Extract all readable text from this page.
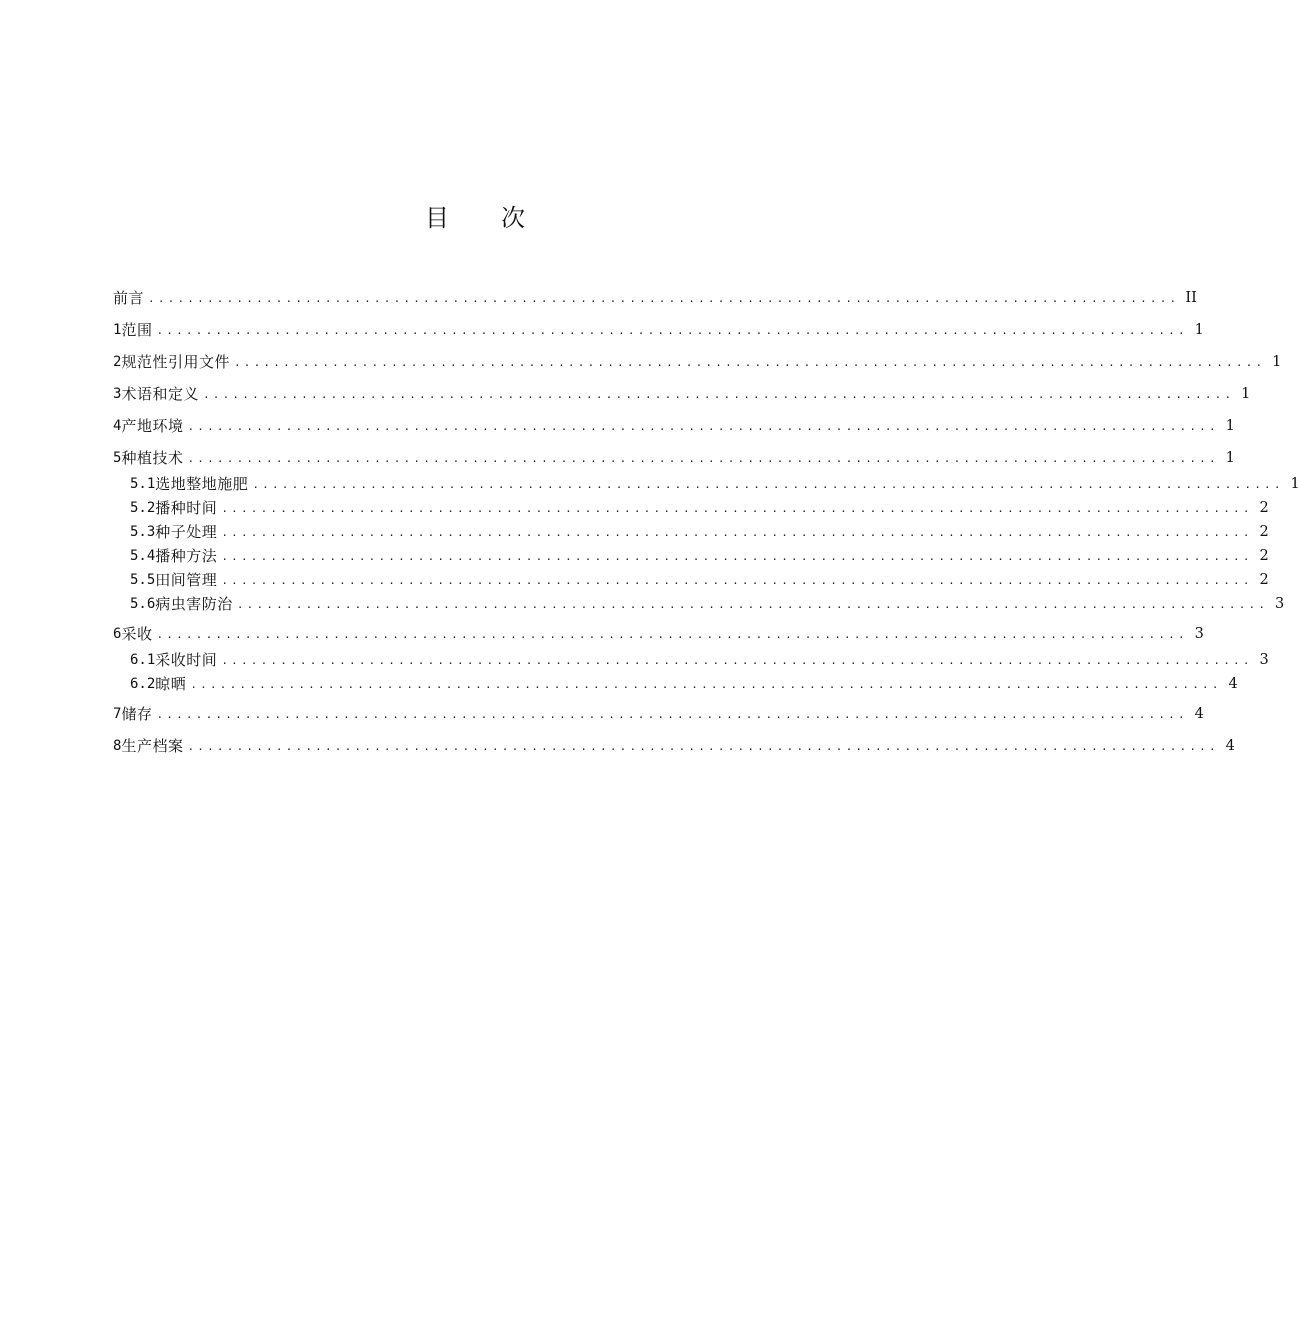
目 次
前言 ......................................................................................................... II
1 范围 ......................................................................................................... 1
2 规范性引用文件 ......................................................................................................... 1
3 术语和定义 ......................................................................................................... 1
4 产地环境 ......................................................................................................... 1
5 种植技术 ......................................................................................................... 1
5.1 选地整地施肥 ......................................................................................................... 1
5.2 播种时间 ......................................................................................................... 2
5.3 种子处理 ......................................................................................................... 2
5.4 播种方法 ......................................................................................................... 2
5.5 田间管理 ......................................................................................................... 2
5.6 病虫害防治 ......................................................................................................... 3
6 采收 ......................................................................................................... 3
6.1 采收时间 ......................................................................................................... 3
6.2 晾晒 ......................................................................................................... 4
7 储存 ......................................................................................................... 4
8 生产档案 ......................................................................................................... 4
